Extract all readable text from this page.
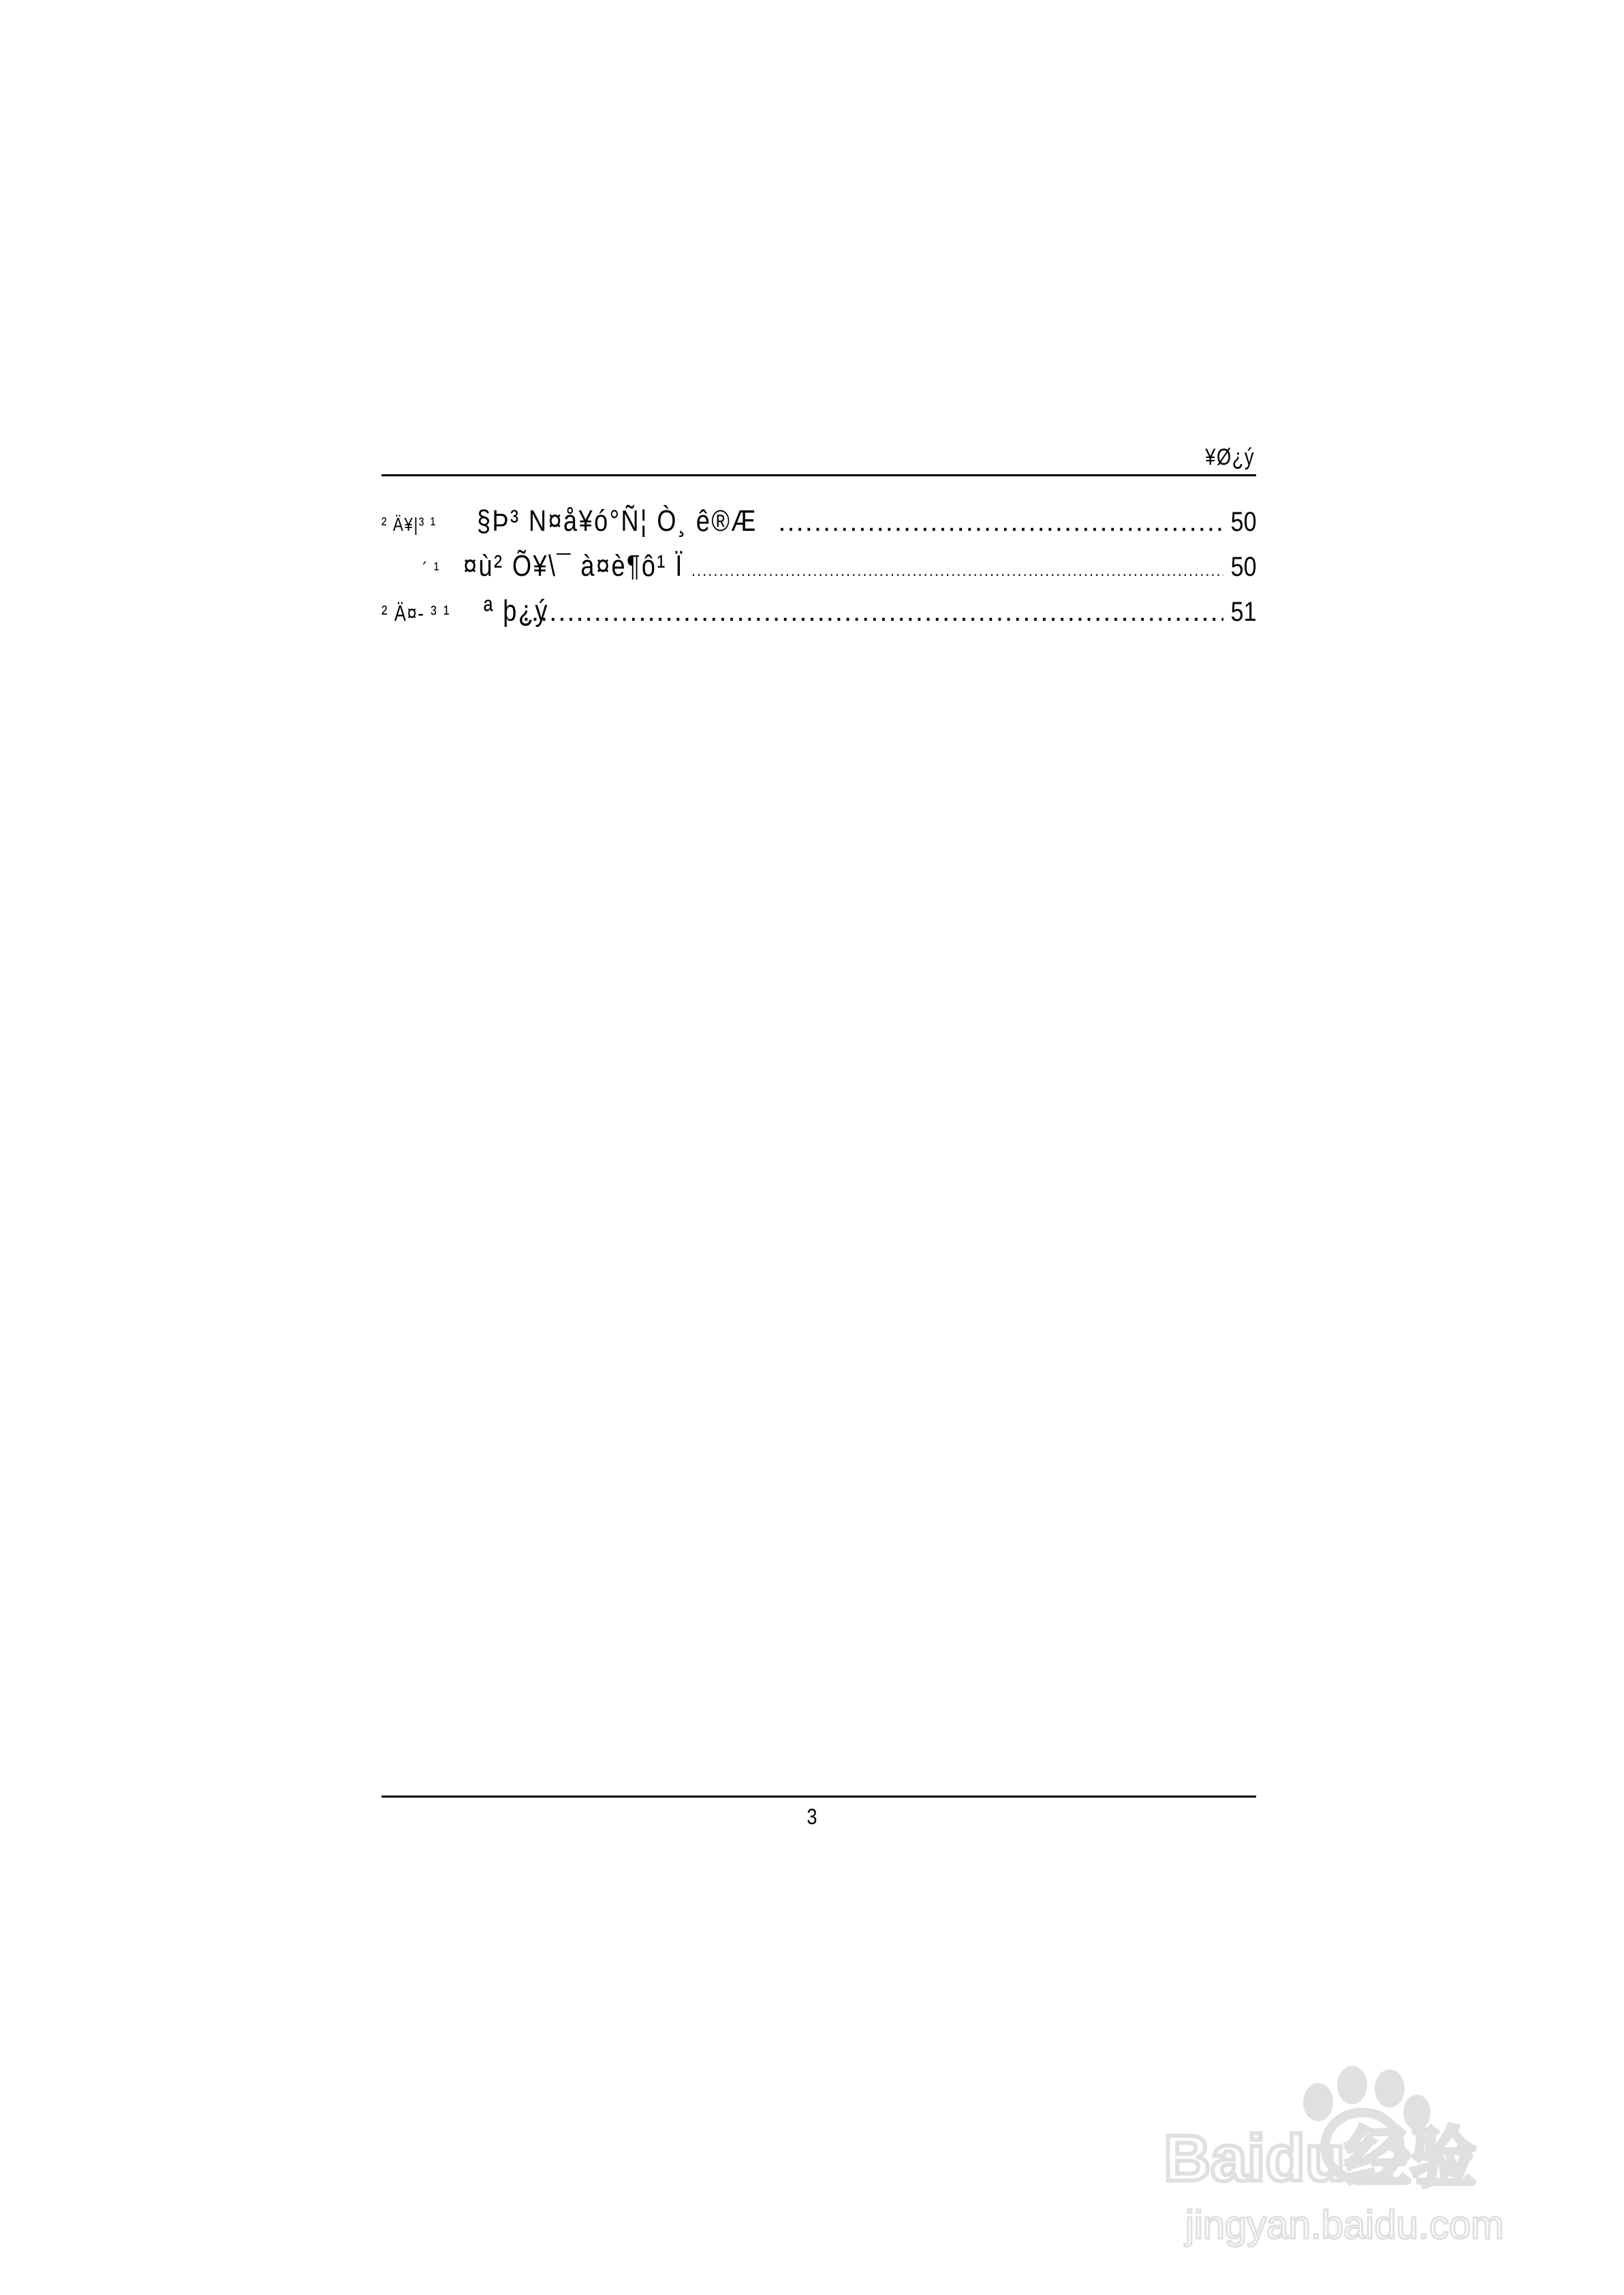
¥Ø¿ý
² Ä¥|³ ¹	§Þ³ N¤å¥ó°Ñ¦ Ò¸ ê®Æ .....	50
´ ¹ ¤ù² Õ¥\¯ à¤è¶ô¹ Ï .....	50
² Ä¤- ³ ¹	ª þ¿ý .....	51
3
Baidu经验
jingyan.baidu.com
